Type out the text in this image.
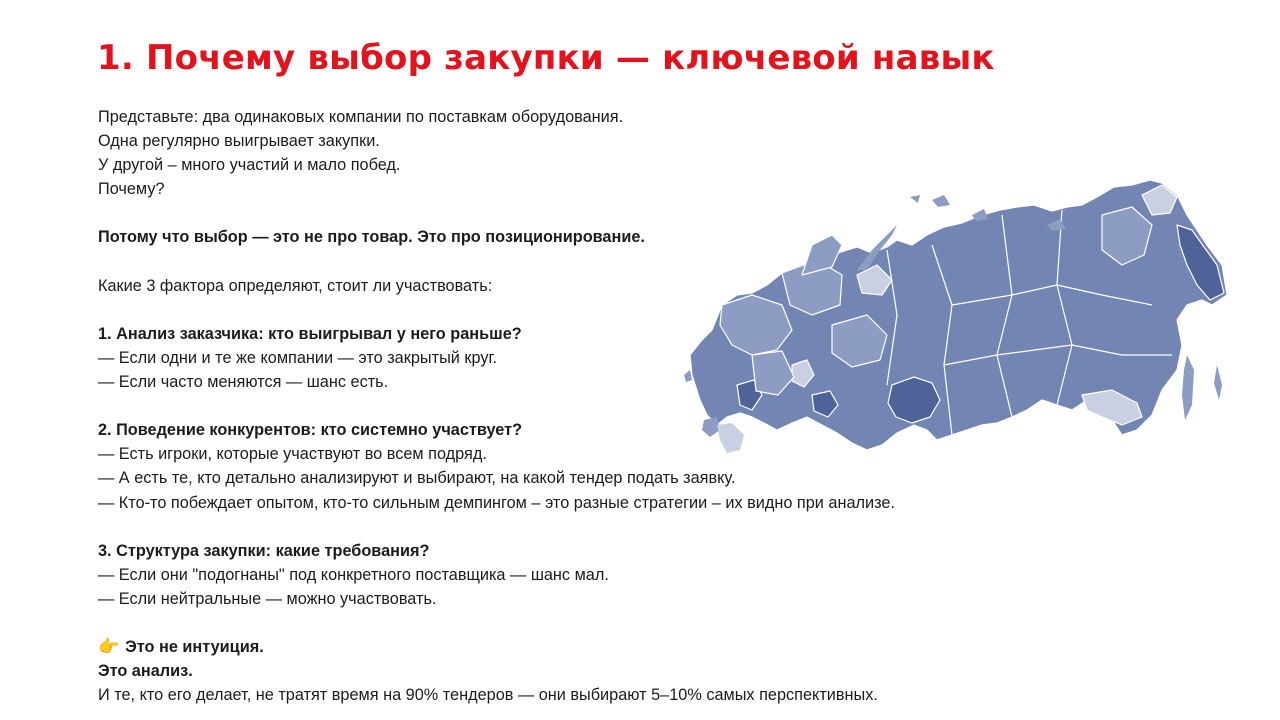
1. Почему выбор закупки — ключевой навык
Представьте: два одинаковых компании по поставкам оборудования.
Одна регулярно выигрывает закупки.
У другой – много участий и мало побед.
Почему?
Потому что выбор — это не про товар. Это про позиционирование.
Какие 3 фактора определяют, стоит ли участвовать:
1. Анализ заказчика: кто выигрывал у него раньше?
— Если одни и те же компании — это закрытый круг.
— Если часто меняются — шанс есть.
2. Поведение конкурентов: кто системно участвует?
— Есть игроки, которые участвуют во всем подряд.
— А есть те, кто детально анализируют и выбирают, на какой тендер подать заявку.
— Кто-то побеждает опытом, кто-то сильным демпингом – это разные стратегии – их видно при анализе.
3. Структура закупки: какие требования?
— Если они "подогнаны" под конкретного поставщика — шанс мал.
— Если нейтральные — можно участвовать.
👉 Это не интуиция.
Это анализ.
И те, кто его делает, не тратят время на 90% тендеров — они выбирают 5–10% самых перспективных.
